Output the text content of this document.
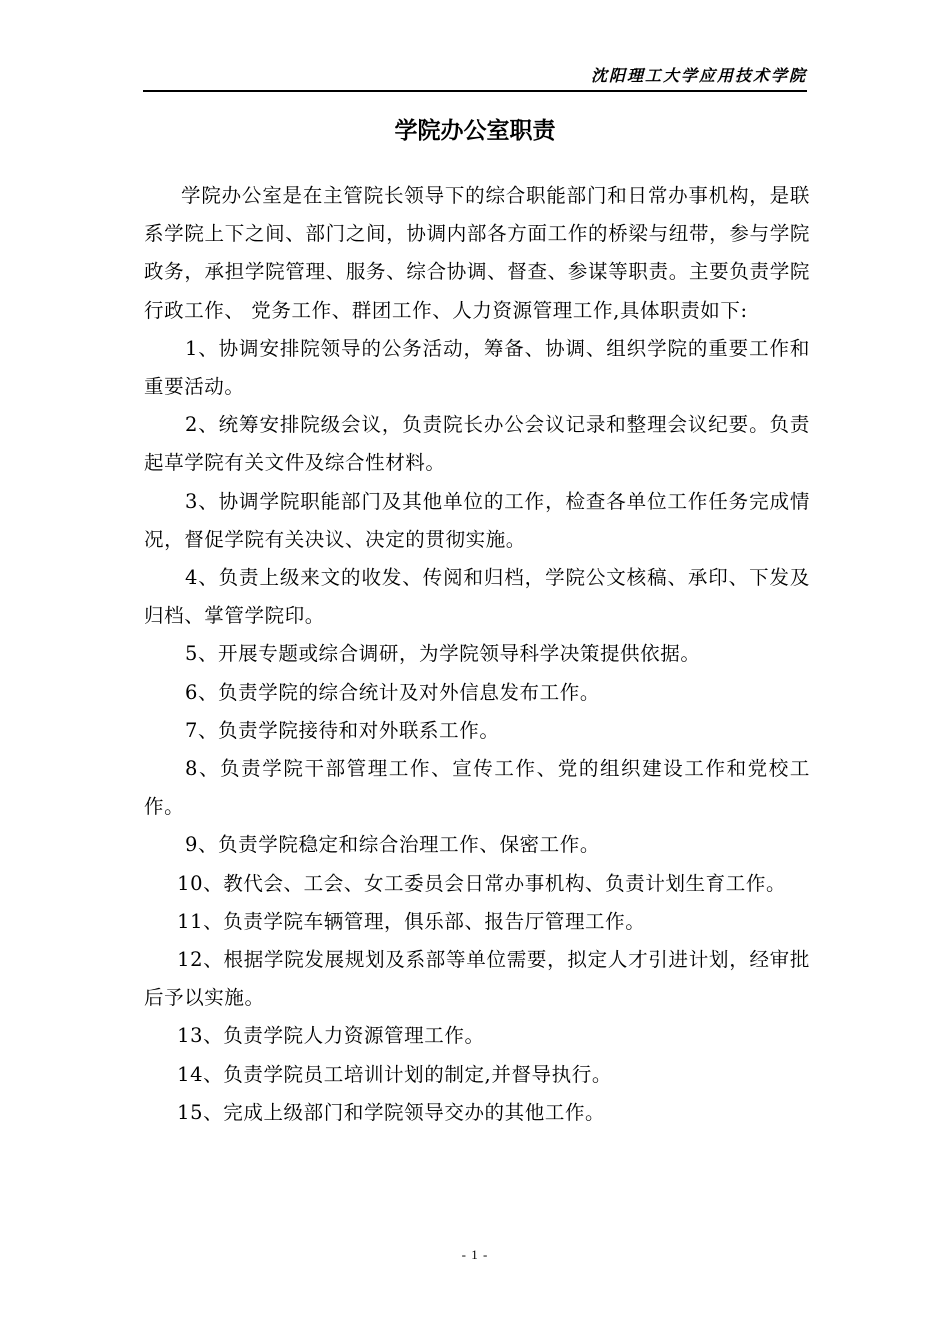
沈阳理工大学应用技术学院
学院办公室职责

学院办公室是在主管院长领导下的综合职能部门和日常办事机构，是联系学院上下之间、部门之间，协调内部各方面工作的桥梁与纽带，参与学院政务，承担学院管理、服务、综合协调、督查、参谋等职责。主要负责学院行政工作、 党务工作、群团工作、人力资源管理工作,具体职责如下:

1、协调安排院领导的公务活动，筹备、协调、组织学院的重要工作和重要活动。

2、统筹安排院级会议，负责院长办公会议记录和整理会议纪要。负责起草学院有关文件及综合性材料。

3、协调学院职能部门及其他单位的工作，检查各单位工作任务完成情况，督促学院有关决议、决定的贯彻实施。

4、负责上级来文的收发、传阅和归档，学院公文核稿、承印、下发及归档、掌管学院印。

5、开展专题或综合调研，为学院领导科学决策提供依据。

6、负责学院的综合统计及对外信息发布工作。

7、负责学院接待和对外联系工作。

8、负责学院干部管理工作、宣传工作、党的组织建设工作和党校工作。

9、负责学院稳定和综合治理工作、保密工作。

10、教代会、工会、女工委员会日常办事机构、负责计划生育工作。

11、负责学院车辆管理，俱乐部、报告厅管理工作。

12、根据学院发展规划及系部等单位需要，拟定人才引进计划，经审批后予以实施。

13、负责学院人力资源管理工作。

14、负责学院员工培训计划的制定,并督导执行。

15、完成上级部门和学院领导交办的其他工作。

- 1 -
